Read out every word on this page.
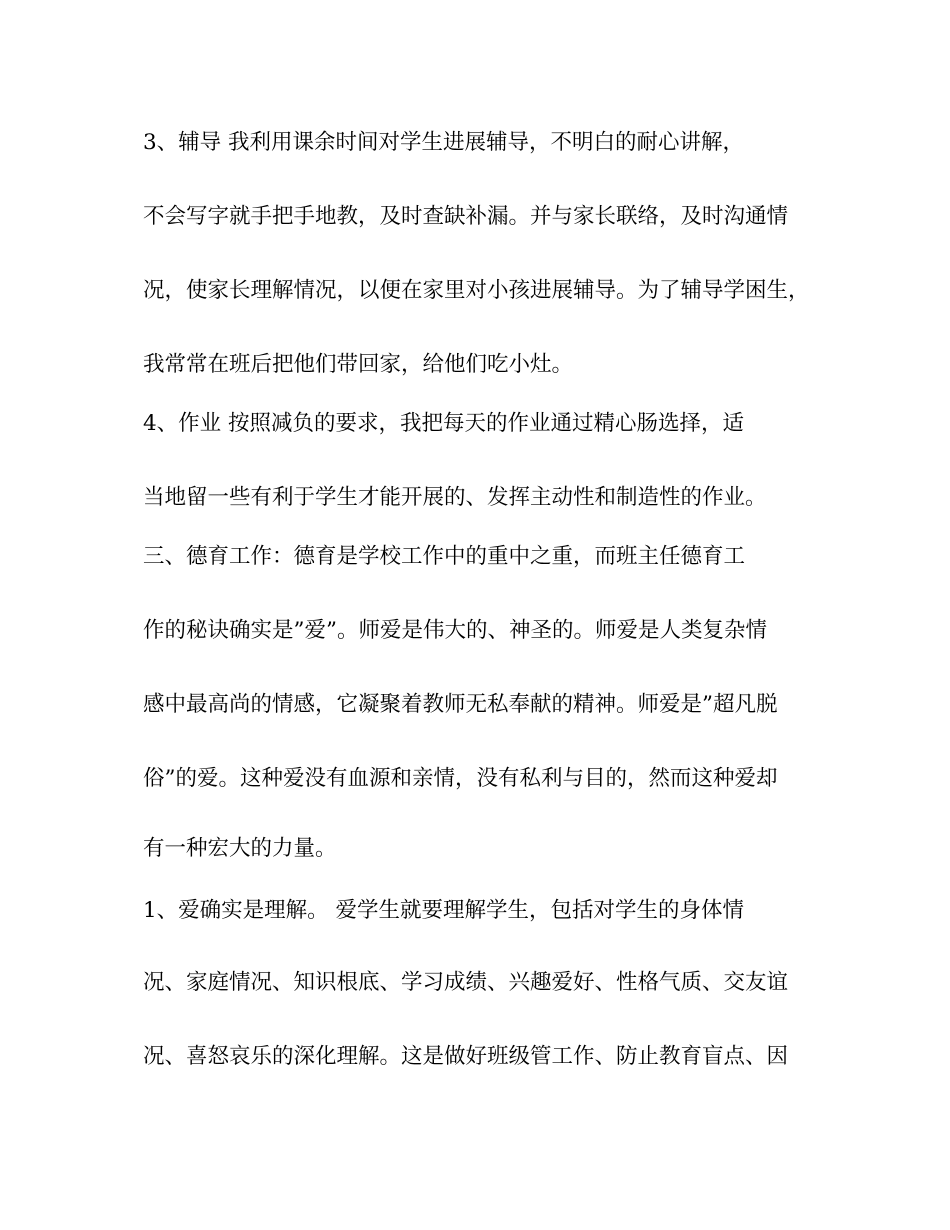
3、辅导 我利用课余时间对学生进展辅导，不明白的耐心讲解，
不会写字就手把手地教，及时查缺补漏。并与家长联络，及时沟通情
况，使家长理解情况，以便在家里对小孩进展辅导。为了辅导学困生，
我常常在班后把他们带回家，给他们吃小灶。
4、作业 按照减负的要求，我把每天的作业通过精心肠选择，适
当地留一些有利于学生才能开展的、发挥主动性和制造性的作业。
三、德育工作：德育是学校工作中的重中之重，而班主任德育工
作的秘诀确实是”爱”。师爱是伟大的、神圣的。师爱是人类复杂情
感中最高尚的情感，它凝聚着教师无私奉献的精神。师爱是”超凡脱
俗”的爱。这种爱没有血源和亲情，没有私利与目的，然而这种爱却
有一种宏大的力量。
1、爱确实是理解。 爱学生就要理解学生，包括对学生的身体情
况、家庭情况、知识根底、学习成绩、兴趣爱好、性格气质、交友谊
况、喜怒哀乐的深化理解。这是做好班级管工作、防止教育盲点、因
